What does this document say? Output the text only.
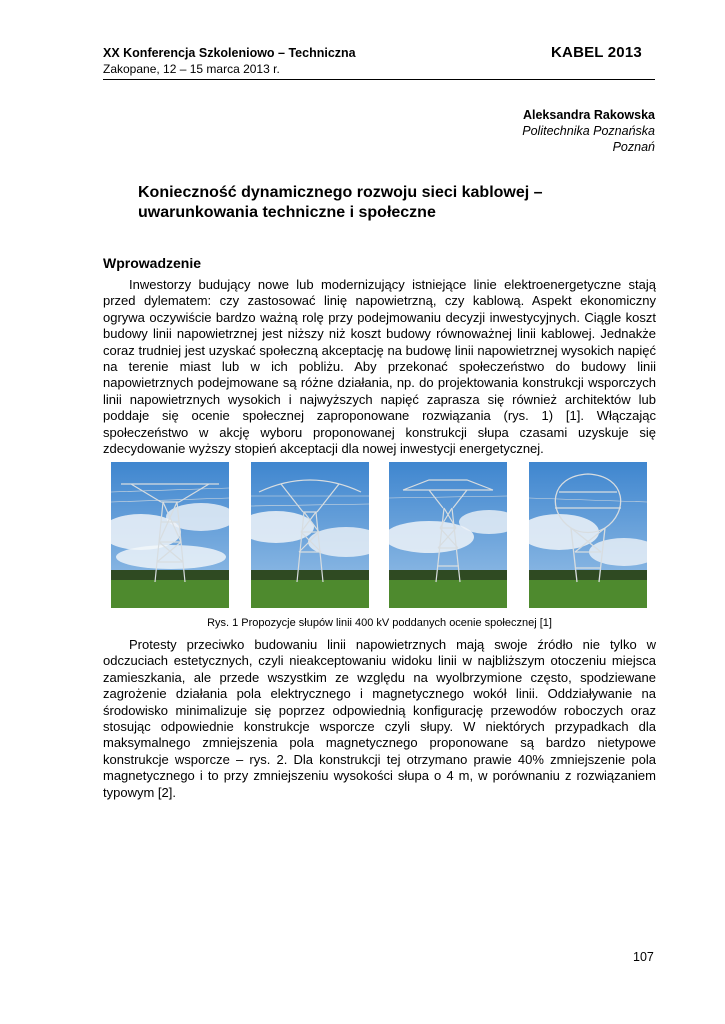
XX Konferencja Szkoleniowo – Techniczna	KABEL 2013
Zakopane, 12 – 15 marca 2013 r.
Aleksandra Rakowska
Politechnika Poznańska
Poznań
Konieczność dynamicznego rozwoju sieci kablowej –
uwarunkowania techniczne i społeczne
Wprowadzenie

Inwestorzy budujący nowe lub modernizujący istniejące linie elektroenergetyczne stają przed dylematem: czy zastosować linię napowietrzną, czy kablową. Aspekt ekonomiczny ogrywa oczywiście bardzo ważną rolę przy podejmowaniu decyzji inwestycyjnych. Ciągle koszt budowy linii napowietrznej jest niższy niż koszt budowy równoważnej linii kablowej. Jednakże coraz trudniej jest uzyskać społeczną akceptację na budowę linii napowietrznej wysokich napięć na terenie miast lub w ich pobliżu. Aby przekonać społeczeństwo do budowy linii napowietrznych podejmowane są różne działania, np. do projektowania konstrukcji wsporczych linii napowietrznych wysokich i najwyższych napięć zaprasza się również architektów lub poddaje się ocenie społecznej zaproponowane rozwiązania (rys. 1) [1]. Włączając społeczeństwo w akcję wyboru proponowanej konstrukcji słupa czasami uzyskuje się zdecydowanie wyższy stopień akceptacji dla nowej inwestycji energetycznej.

Rys. 1 Propozycje słupów linii 400 kV poddanych ocenie społecznej [1]

Protesty przeciwko budowaniu linii napowietrznych mają swoje źródło nie tylko w odczuciach estetycznych, czyli nieakceptowaniu widoku linii w najbliższym otoczeniu miejsca zamieszkania, ale przede wszystkim ze względu na wyolbrzymione często, spodziewane zagrożenie działania pola elektrycznego i magnetycznego wokół linii. Oddziaływanie na środowisko minimalizuje się poprzez odpowiednią konfigurację przewodów roboczych oraz stosując odpowiednie konstrukcje wsporcze czyli słupy. W niektórych przypadkach dla maksymalnego zmniejszenia pola magnetycznego proponowane są bardzo nietypowe konstrukcje wsporcze – rys. 2. Dla konstrukcji tej otrzymano prawie 40% zmniejszenie pola magnetycznego i to przy zmniejszeniu wysokości słupa o 4 m, w porównaniu z rozwiązaniem typowym [2].

107
